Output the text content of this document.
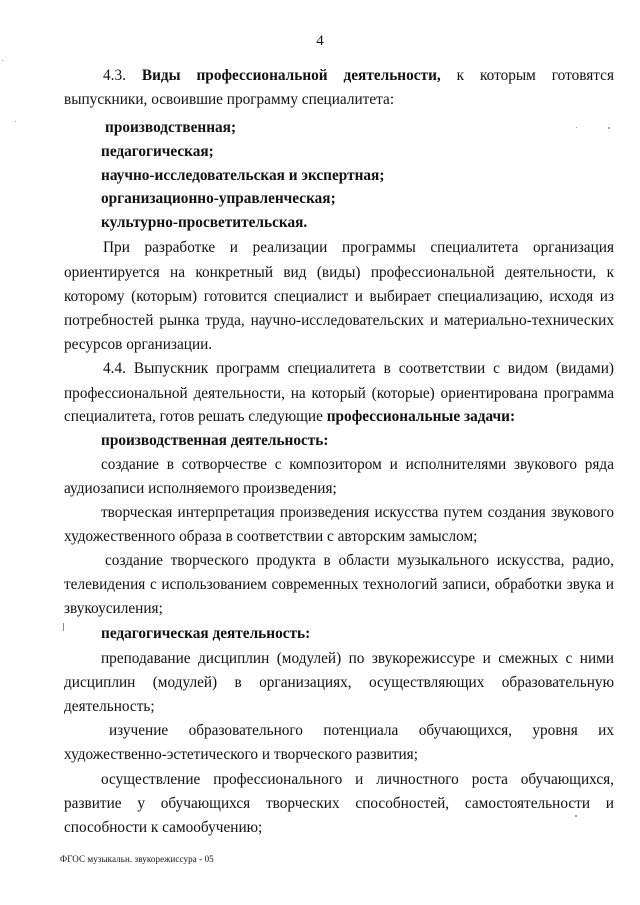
4
4.3. Виды профессиональной деятельности, к которым готовятся
выпускники, освоившие программу специалитета:
производственная;
педагогическая;
научно-исследовательская и экспертная;
организационно-управленческая;
культурно-просветительская.
При разработке и реализации программы специалитета организация
ориентируется на конкретный вид (виды) профессиональной деятельности, к
которому (которым) готовится специалист и выбирает специализацию, исходя из
потребностей рынка труда, научно-исследовательских и материально-технических
ресурсов организации.
4.4. Выпускник программ специалитета в соответствии с видом (видами)
профессиональной деятельности, на который (которые) ориентирована программа
специалитета, готов решать следующие профессиональные задачи:
производственная деятельность:
создание в сотворчестве с композитором и исполнителями звукового ряда
аудиозаписи исполняемого произведения;
творческая интерпретация произведения искусства путем создания звукового
художественного образа в соответствии с авторским замыслом;
создание творческого продукта в области музыкального искусства, радио,
телевидения с использованием современных технологий записи, обработки звука и
звукоусиления;
педагогическая деятельность:
преподавание дисциплин (модулей) по звукорежиссуре и смежных с ними
дисциплин (модулей) в организациях, осуществляющих образовательную
деятельность;
изучение образовательного потенциала обучающихся, уровня их
художественно-эстетического и творческого развития;
осуществление профессионального и личностного роста обучающихся,
развитие у обучающихся творческих способностей, самостоятельности и
способности к самообучению;
ФГОС музыкальн. звукорежиссура - 05
